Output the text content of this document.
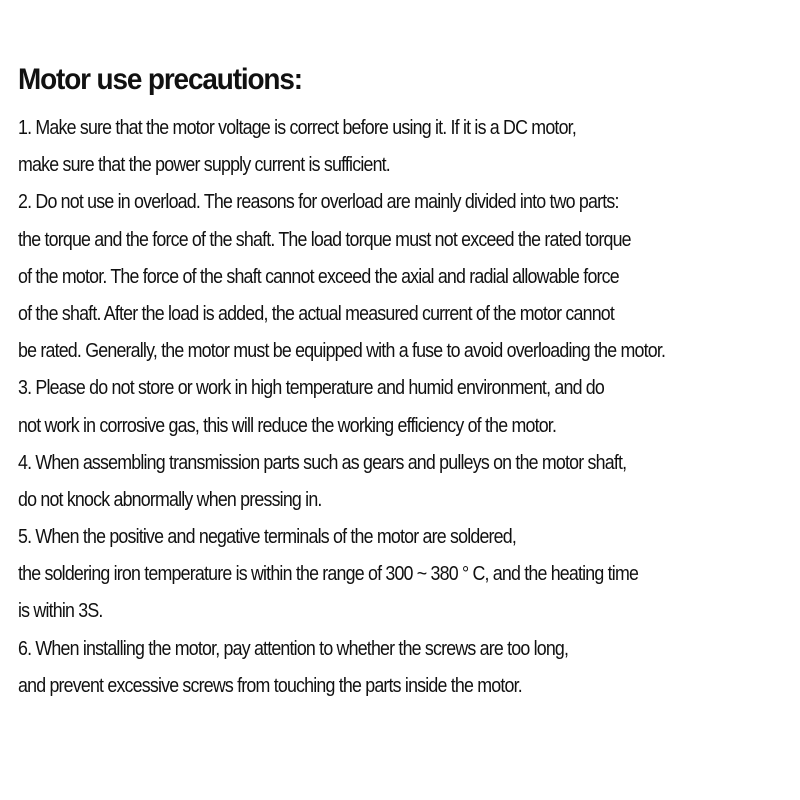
Motor use precautions:
1. Make sure that the motor voltage is correct before using it. If it is a DC motor,
make sure that the power supply current is sufficient.
2. Do not use in overload. The reasons for overload are mainly divided into two parts:
the torque and the force of the shaft. The load torque must not exceed the rated torque
of the motor. The force of the shaft cannot exceed the axial and radial allowable force
of the shaft. After the load is added, the actual measured current of the motor cannot
be rated. Generally, the motor must be equipped with a fuse to avoid overloading the motor.
3. Please do not store or work in high temperature and humid environment, and do
not work in corrosive gas, this will reduce the working efficiency of the motor.
4. When assembling transmission parts such as gears and pulleys on the motor shaft,
do not knock abnormally when pressing in.
5. When the positive and negative terminals of the motor are soldered,
the soldering iron temperature is within the range of 300 ~ 380 ° C, and the heating time
is within 3S.
6. When installing the motor, pay attention to whether the screws are too long,
and prevent excessive screws from touching the parts inside the motor.
